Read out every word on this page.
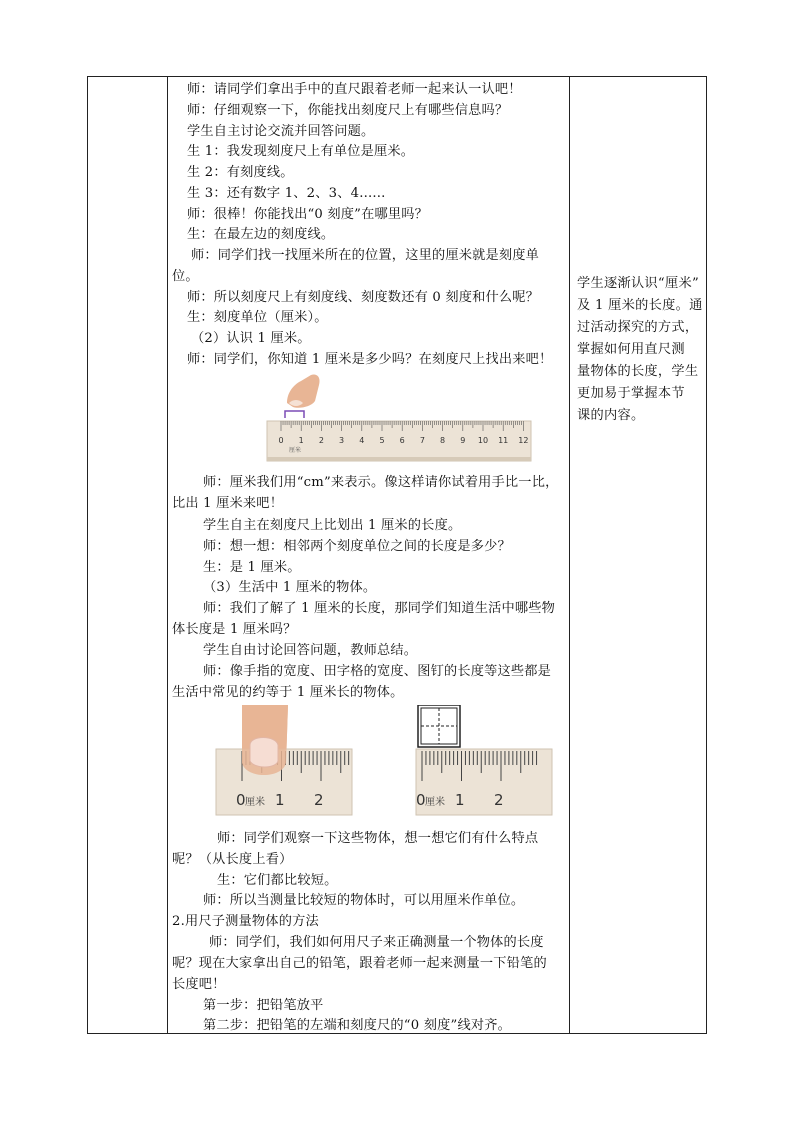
师：请同学们拿出手中的直尺跟着老师一起来认一认吧！
师：仔细观察一下，你能找出刻度尺上有哪些信息吗？
学生自主讨论交流并回答问题。
生 1：我发现刻度尺上有单位是厘米。
生 2：有刻度线。
生 3：还有数字 1、2、3、4......
师：很棒！你能找出“0 刻度”在哪里吗？
生：在最左边的刻度线。
师：同学们找一找厘米所在的位置，这里的厘米就是刻度单
位。
师：所以刻度尺上有刻度线、刻度数还有 0 刻度和什么呢？
生：刻度单位（厘米）。
（2）认识 1 厘米。
师：同学们，你知道 1 厘米是多少吗？在刻度尺上找出来吧！
0 1 2 3 4 5 6 7 8 9 10 11 12
厘米
师：厘米我们用“cm”来表示。像这样请你试着用手比一比，
比出 1 厘米来吧！
学生自主在刻度尺上比划出 1 厘米的长度。
师：想一想：相邻两个刻度单位之间的长度是多少？
生：是 1 厘米。
（3）生活中 1 厘米的物体。
师：我们了解了 1 厘米的长度，那同学们知道生活中哪些物
体长度是 1 厘米吗？
学生自由讨论回答问题，教师总结。
师：像手指的宽度、田字格的宽度、图钉的长度等这些都是
生活中常见的约等于 1 厘米长的物体。
0 厘米 1 2	0 厘米 1 2
师：同学们观察一下这些物体，想一想它们有什么特点
呢？（从长度上看）
生：它们都比较短。
师：所以当测量比较短的物体时，可以用厘米作单位。
2.用尺子测量物体的方法
师：同学们，我们如何用尺子来正确测量一个物体的长度
呢？现在大家拿出自己的铅笔，跟着老师一起来测量一下铅笔的
长度吧！
第一步：把铅笔放平
第二步：把铅笔的左端和刻度尺的“0 刻度”线对齐。
学生逐渐认识“厘米”
及 1 厘米的长度。通
过活动探究的方式，
掌握如何用直尺测
量物体的长度，学生
更加易于掌握本节
课的内容。
